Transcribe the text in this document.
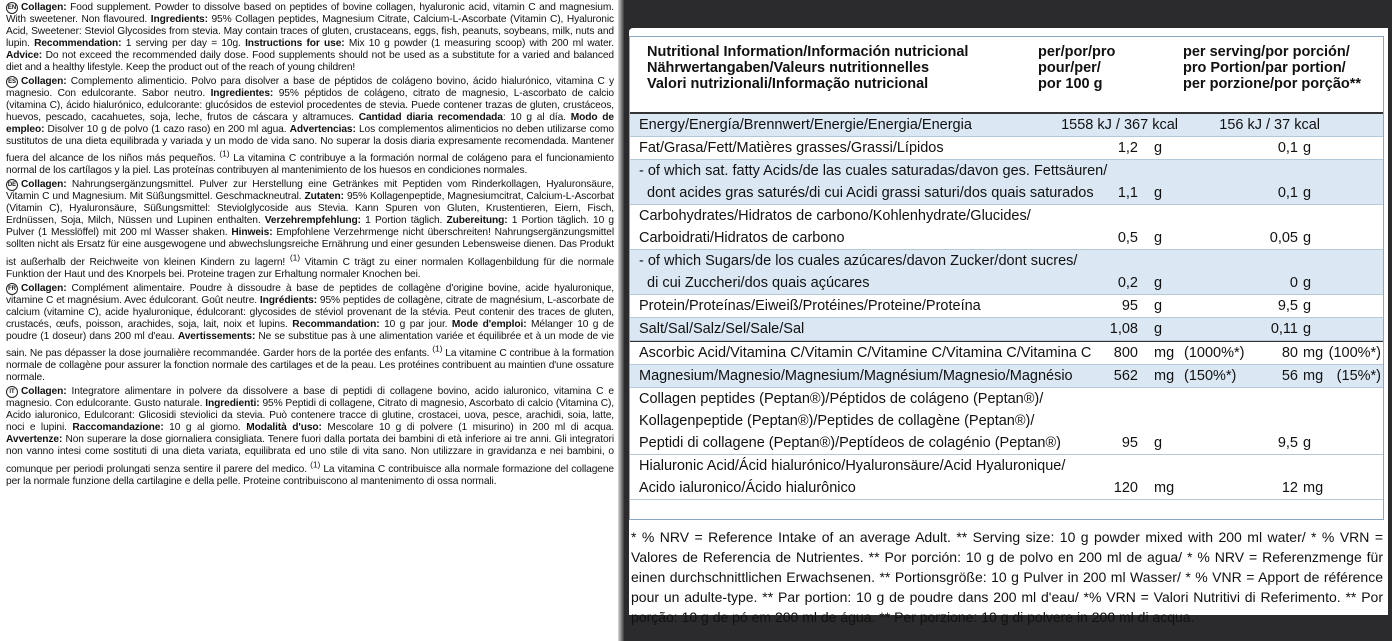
EN Collagen: Food supplement. Powder to dissolve based on peptides of bovine collagen, hyaluronic acid, vitamin C and magnesium. With sweetener. Non flavoured. Ingredients: 95% Collagen peptides, Magnesium Citrate, Calcium-L-Ascorbate (Vitamin C), Hyaluronic Acid, Sweetener: Steviol Glycosides from stevia. May contain traces of gluten, crustaceans, eggs, fish, peanuts, soybeans, milk, nuts and lupin. Recommendation: 1 serving per day = 10g. Instructions for use: Mix 10 g powder (1 measuring scoop) with 200 ml water. Advice: Do not exceed the recommended daily dose. Food supplements should not be used as a substitute for a varied and balanced diet and a healthy lifestyle. Keep the product out of the reach of young children!
ES Collagen: Complemento alimenticio. Polvo para disolver a base de péptidos de colágeno bovino, ácido hialurónico, vitamina C y magnesio. Con edulcorante. Sabor neutro. Ingredientes: 95% péptidos de colágeno, citrato de magnesio, L-ascorbato de calcio (vitamina C), ácido hialurónico, edulcorante: glucósidos de esteviol procedentes de stevia. Puede contener trazas de gluten, crustáceos, huevos, pescado, cacahuetes, soja, leche, frutos de cáscara y altramuces. Cantidad diaria recomendada: 10 g al día. Modo de empleo: Disolver 10 g de polvo (1 cazo raso) en 200 ml agua. Advertencias: Los complementos alimenticios no deben utilizarse como sustitutos de una dieta equilibrada y variada y un modo de vida sano. No superar la dosis diaria expresamente recomendada. Mantener fuera del alcance de los niños más pequeños. $^{(1)}$ La vitamina C contribuye a la formación normal de colágeno para el funcionamiento normal de los cartílagos y la piel. Las proteínas contribuyen al mantenimiento de los huesos en condiciones normales.
DE Collagen: Nahrungsergänzungsmittel. Pulver zur Herstellung eine Getränkes mit Peptiden vom Rinderkollagen, Hyaluronsäure, Vitamin C und Magnesium. Mit Süßungsmittel. Geschmackneutral. Zutaten: 95% Kollagenpeptide, Magnesiumcitrat, Calcium-L-Ascorbat (Vitamin C), Hyaluronsäure, Süßungsmittel: Steviolglycoside aus Stevia. Kann Spuren von Gluten, Krustentieren, Eiern, Fisch, Erdnüssen, Soja, Milch, Nüssen und Lupinen enthalten. Verzehrempfehlung: 1 Portion täglich. Zubereitung: 1 Portion täglich. 10 g Pulver (1 Messlöffel) mit 200 ml Wasser shaken. Hinweis: Empfohlene Verzehrmenge nicht überschreiten! Nahrungsergänzungsmittel sollten nicht als Ersatz für eine ausgewogene und abwechslungsreiche Ernährung und einer gesunden Lebensweise dienen. Das Produkt ist außerhalb der Reichweite von kleinen Kindern zu lagern! $^{(1)}$ Vitamin C trägt zu einer normalen Kollagenbildung für die normale Funktion der Haut und des Knorpels bei. Proteine tragen zur Erhaltung normaler Knochen bei.
FR Collagen: Complément alimentaire. Poudre à dissoudre à base de peptides de collagène d'origine bovine, acide hyaluronique, vitamine C et magnésium. Avec édulcorant. Goût neutre. Ingrédients: 95% peptides de collagène, citrate de magnésium, L-ascorbate de calcium (vitamine C), acide hyaluronique, édulcorant: glycosides de stéviol provenant de la stévia. Peut contenir des traces de gluten, crustacés, œufs, poisson, arachides, soja, lait, noix et lupins. Recommandation: 10 g par jour. Mode d'emploi: Mélanger 10 g de poudre (1 doseur) dans 200 ml d'eau. Avertissements: Ne se substitue pas à une alimentation variée et équilibrée et à un mode de vie sain. Ne pas dépasser la dose journalière recommandée. Garder hors de la portée des enfants. $^{(1)}$ La vitamine C contribue à la formation normale de collagène pour assurer la fonction normale des cartilages et de la peau. Les protéines contribuent au maintien d'une ossature normale.
IT Collagen: Integratore alimentare in polvere da dissolvere a base di peptidi di collagene bovino, acido ialuronico, vitamina C e magnesio. Con edulcorante. Gusto naturale. Ingredienti: 95% Peptidi di collagene, Citrato di magnesio, Ascorbato di calcio (Vitamina C), Acido ialuronico, Edulcorant: Glicosidi steviolici da stevia. Può contenere tracce di glutine, crostacei, uova, pesce, arachidi, soia, latte, noci e lupini. Raccomandazione: 10 g al giorno. Modalità d'uso: Mescolare 10 g di polvere (1 misurino) in 200 ml di acqua. Avvertenze: Non superare la dose giornaliera consigliata. Tenere fuori dalla portata dei bambini di età inferiore ai tre anni. Gli integratori non vanno intesi come sostituti di una dieta variata, equilibrata ed uno stile di vita sano. Non utilizzare in gravidanza e nei bambini, o comunque per periodi prolungati senza sentire il parere del medico. $^{(1)}$ La vitamina C contribuisce alla normale formazione del collagene per la normale funzione della cartilagine e della pelle. Proteine contribuiscono al mantenimento di ossa normali.
Nutritional Information/Información nutricional
Nährwertangaben/Valeurs nutritionnelles
Valori nutrizionali/Informação nutricional
per/por/pro
pour/per/
por 100 g
per serving/por porción/
pro Portion/par portion/
per porzione/por porção**
Energy/Energía/Brennwert/Energie/Energia/Energia	1558 kJ / 367 kcal	156 kJ / 37 kcal
Fat/Grasa/Fett/Matières grasses/Grassi/Lípidos	1,2 g	0,1 g
- of which sat. fatty Acids/de las cuales saturadas/davon ges. Fettsäuren/
dont acides gras saturés/di cui Acidi grassi saturi/dos quais saturados	1,1 g	0,1 g
Carbohydrates/Hidratos de carbono/Kohlenhydrate/Glucides/
Carboidrati/Hidratos de carbono	0,5 g	0,05 g
- of which Sugars/de los cuales azúcares/davon Zucker/dont sucres/
di cui Zuccheri/dos quais açúcares	0,2 g	0 g
Protein/Proteínas/Eiweiß/Protéines/Proteine/Proteína	95 g	9,5 g
Salt/Sal/Salz/Sel/Sale/Sal	1,08 g	0,11 g
Ascorbic Acid/Vitamina C/Vitamin C/Vitamine C/Vitamina C/Vitamina C	800 mg (1000%*)	80 mg (100%*)
Magnesium/Magnesio/Magnesium/Magnésium/Magnesio/Magnésio	562 mg (150%*)	56 mg (15%*)
Collagen peptides (Peptan®)/Péptidos de colágeno (Peptan®)/
Kollagenpeptide (Peptan®)/Peptides de collagène (Peptan®)/
Peptidi di collagene (Peptan®)/Peptídeos de colagénio (Peptan®)	95 g	9,5 g
Hialuronic Acid/Ácid hialurónico/Hyaluronsäure/Acid Hyaluronique/
Acido ialuronico/Ácido hialurônico	120 mg	12 mg
* % NRV = Reference Intake of an average Adult. ** Serving size: 10 g powder mixed with 200 ml water/ * % VRN = Valores de Referencia de Nutrientes. ** Por porción: 10 g de polvo en 200 ml de agua/ * % NRV = Referenzmenge für einen durchschnittlichen Erwachsenen. ** Portionsgröße: 10 g Pulver in 200 ml Wasser/ * % VNR = Apport de référence pour un adulte-type. ** Par portion: 10 g de poudre dans 200 ml d'eau/ *% VRN = Valori Nutritivi di Referimento. ** Por porção: 10 g de pó em 200 ml de água. ** Per porzione: 10 g di polvere in 200 ml di acqua.
